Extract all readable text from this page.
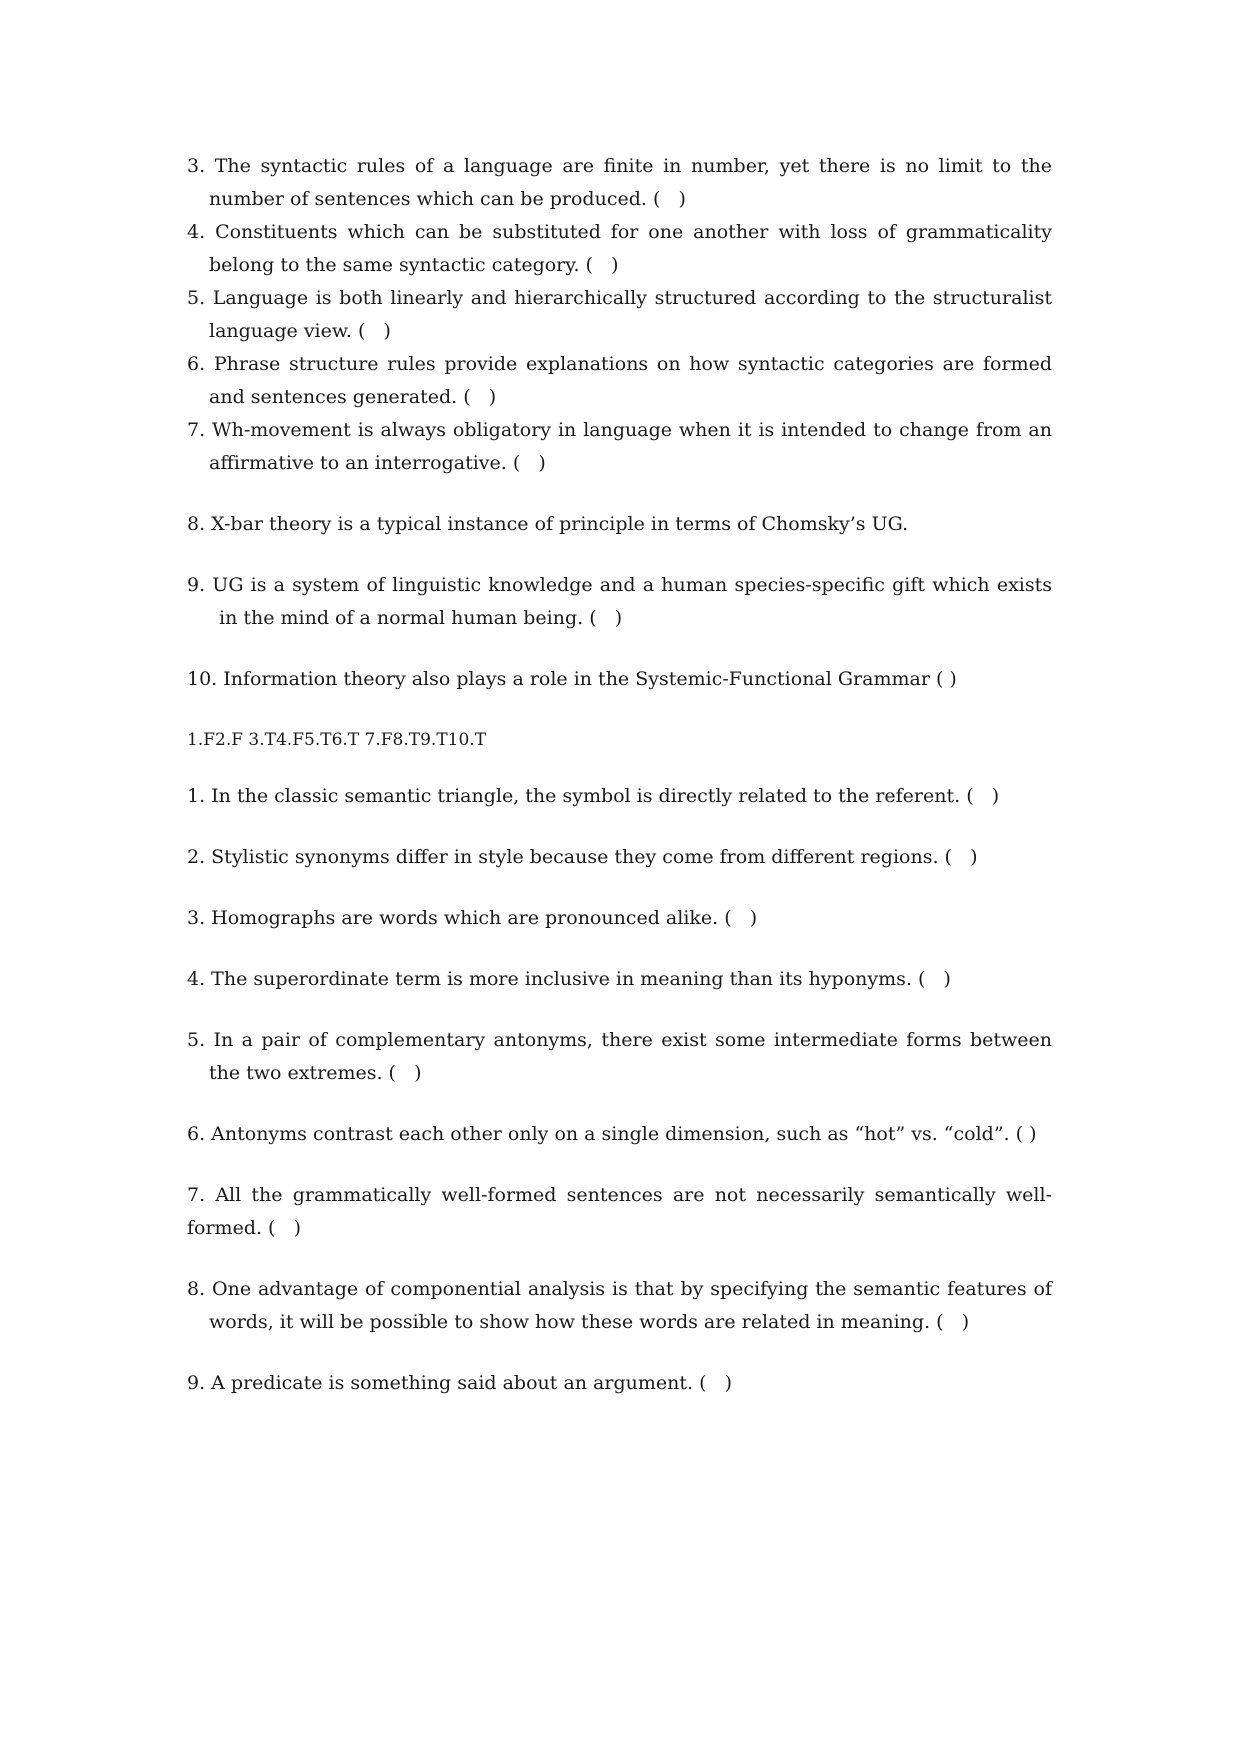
3. The syntactic rules of a language are finite in number, yet there is no limit to the number of sentences which can be produced. (   )

4. Constituents which can be substituted for one another with loss of grammaticality belong to the same syntactic category. (   )

5. Language is both linearly and hierarchically structured according to the structuralist language view. (   )

6. Phrase structure rules provide explanations on how syntactic categories are formed and sentences generated. (   )

7. Wh-movement is always obligatory in language when it is intended to change from an affirmative to an interrogative. (   )

8. X-bar theory is a typical instance of principle in terms of Chomsky’s UG.

9. UG is a system of linguistic knowledge and a human species-specific gift which exists in the mind of a normal human being. (   )

10. Information theory also plays a role in the Systemic-Functional Grammar ( )

1.F2.F 3.T4.F5.T6.T 7.F8.T9.T10.T

1. In the classic semantic triangle, the symbol is directly related to the referent. (   )

2. Stylistic synonyms differ in style because they come from different regions. (   )

3. Homographs are words which are pronounced alike. (   )

4. The superordinate term is more inclusive in meaning than its hyponyms. (   )

5. In a pair of complementary antonyms, there exist some intermediate forms between the two extremes. (   )

6. Antonyms contrast each other only on a single dimension, such as “hot” vs. “cold”. ( )

7. All the grammatically well-formed sentences are not necessarily semantically well-formed. (   )

8. One advantage of componential analysis is that by specifying the semantic features of words, it will be possible to show how these words are related in meaning. (   )

9. A predicate is something said about an argument. (   )
